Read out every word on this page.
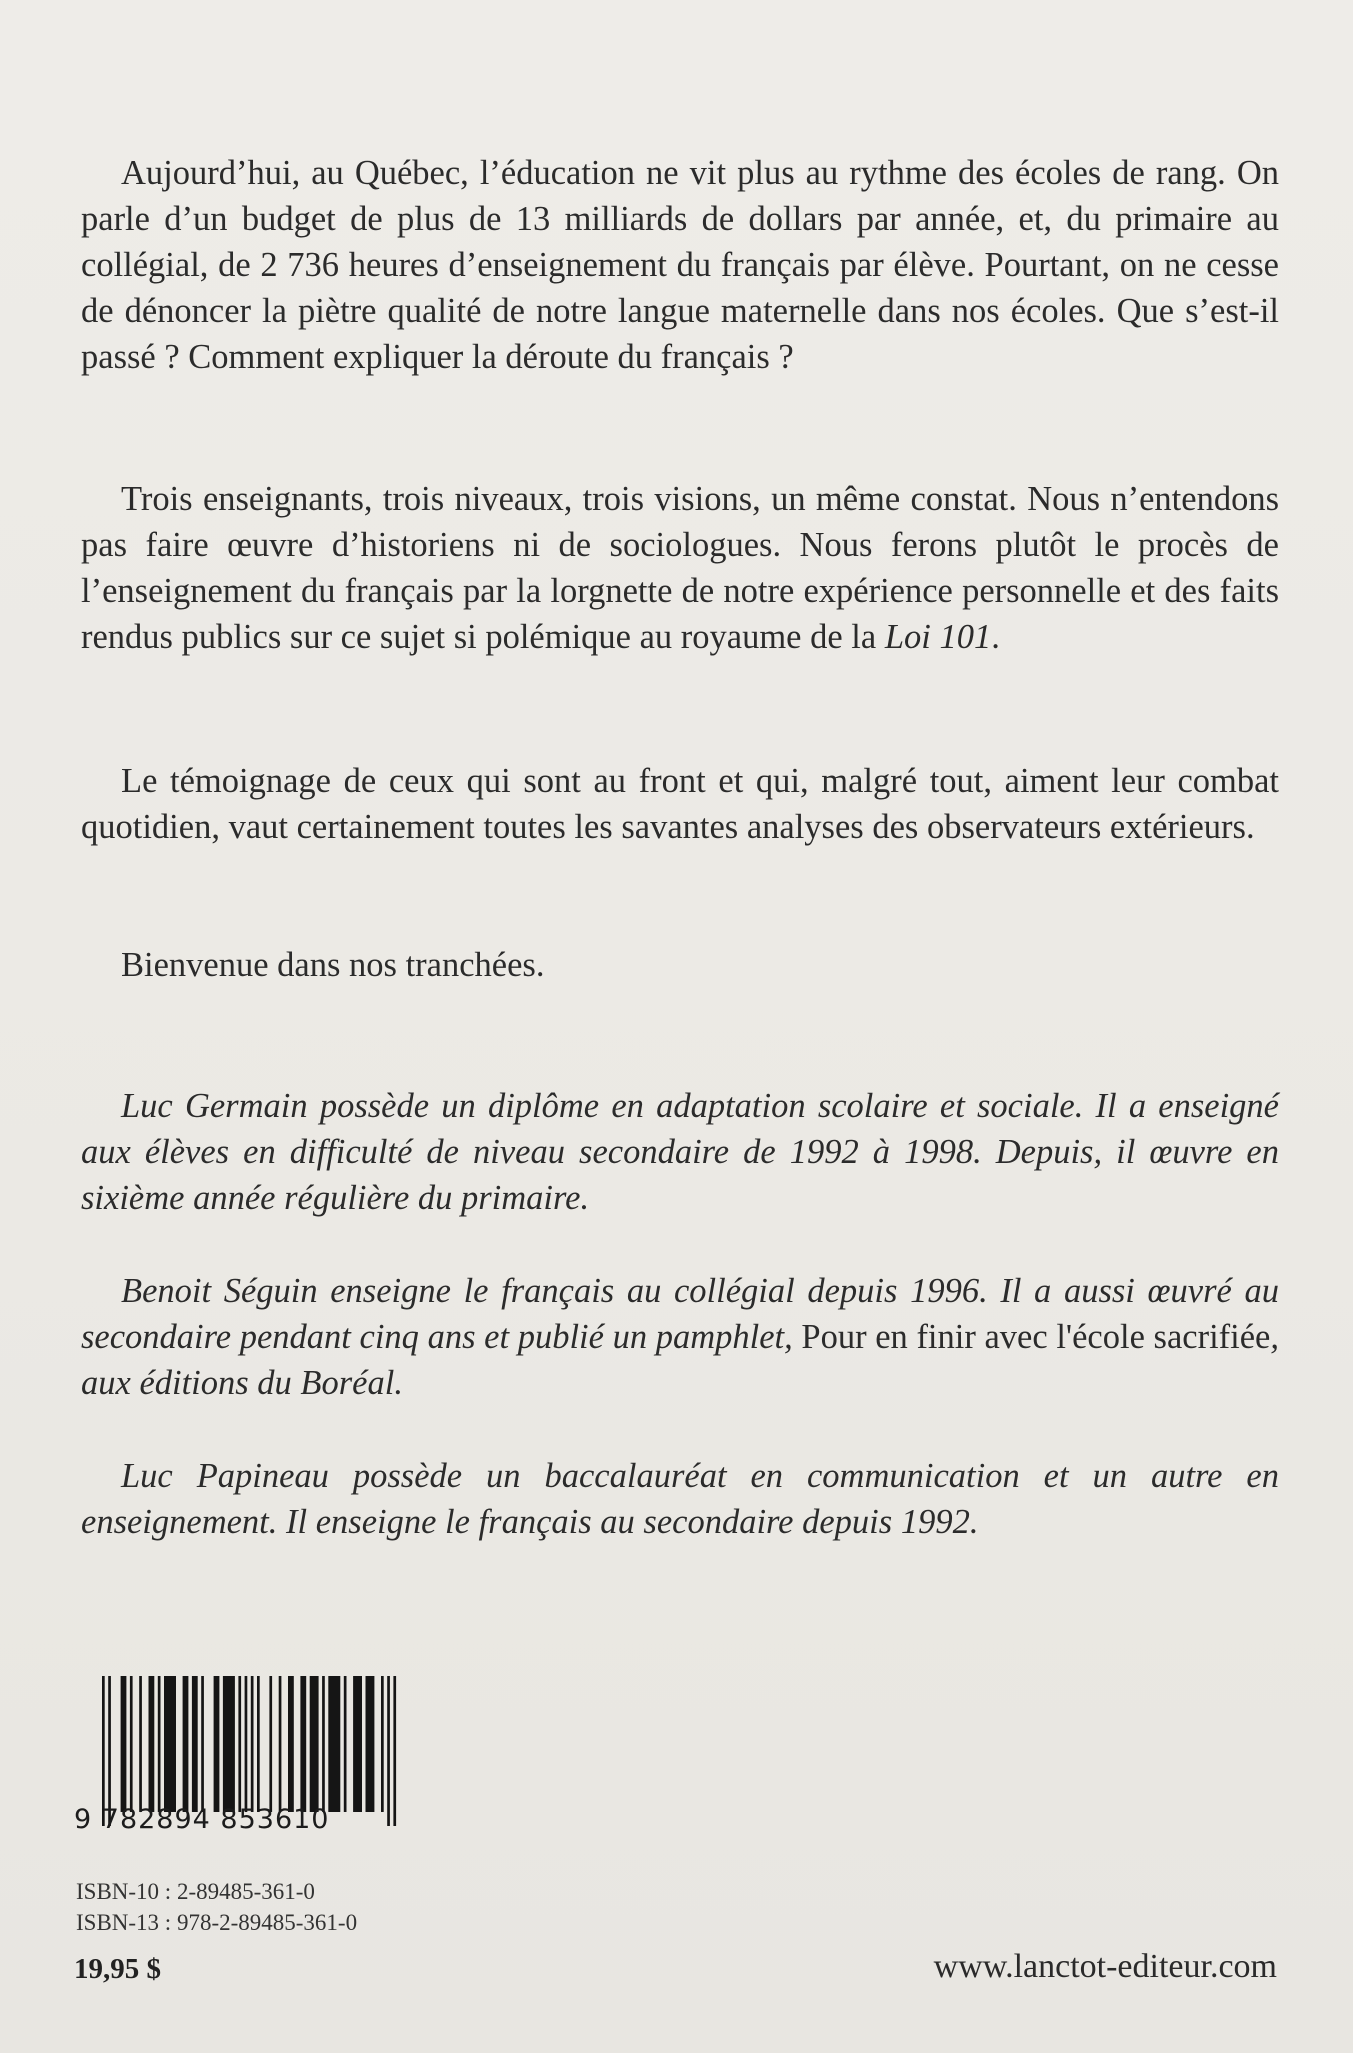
Aujourd’hui, au Québec, l’éducation ne vit plus au rythme des écoles de rang. On parle d’un budget de plus de 13 milliards de dollars par année, et, du primaire au collégial, de 2 736 heures d’enseignement du français par élève. Pourtant, on ne cesse de dénoncer la piètre qualité de notre langue maternelle dans nos écoles. Que s’est-il passé ? Comment expliquer la déroute du français ?

Trois enseignants, trois niveaux, trois visions, un même constat. Nous n’entendons pas faire œuvre d’historiens ni de sociologues. Nous ferons plutôt le procès de l’enseignement du français par la lorgnette de notre expérience personnelle et des faits rendus publics sur ce sujet si polémique au royaume de la Loi 101.

Le témoignage de ceux qui sont au front et qui, malgré tout, aiment leur combat quotidien, vaut certainement toutes les savantes analyses des observateurs extérieurs.

Bienvenue dans nos tranchées.

Luc Germain possède un diplôme en adaptation scolaire et sociale. Il a enseigné aux élèves en difficulté de niveau secondaire de 1992 à 1998. Depuis, il œuvre en sixième année régulière du primaire.

Benoit Séguin enseigne le français au collégial depuis 1996. Il a aussi œuvré au secondaire pendant cinq ans et publié un pamphlet, Pour en finir avec l'école sacrifiée, aux éditions du Boréal.

Luc Papineau possède un baccalauréat en communication et un autre en enseignement. Il enseigne le français au secondaire depuis 1992.

9 782894 853610
ISBN-10 : 2-89485-361-0
ISBN-13 : 978-2-89485-361-0
19,95 $	www.lanctot-editeur.com
